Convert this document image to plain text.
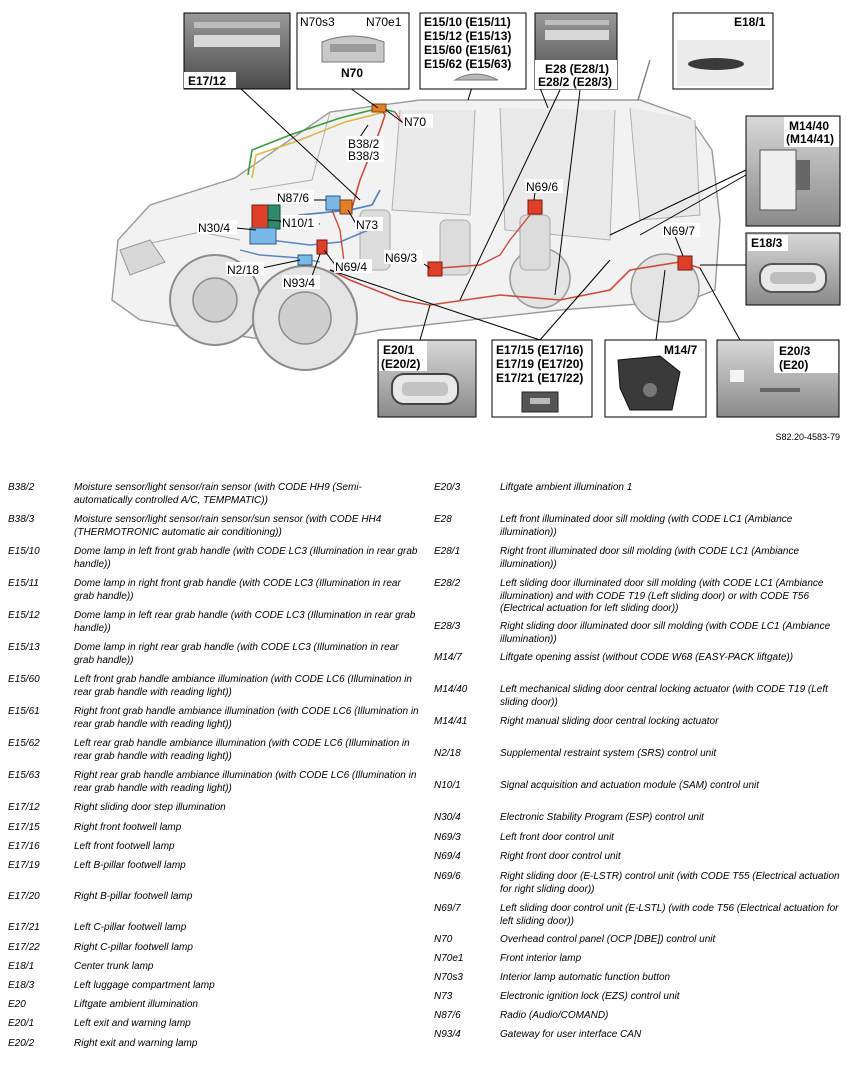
E17/12
N70s3	N70e1
N70
E15/10 (E15/11)
E15/12 (E15/13)
E15/60 (E15/61)
E15/62 (E15/63)	E28 (E28/1)
E28/2 (E28/3)
E18/1
M14/40
(M14/41)
E18/3
E20/3
(E20)
M14/7
E17/15 (E17/16)
E17/19 (E17/20)
E17/21 (E17/22)
E20/1
(E20/2)
N70
B38/2
B38/3
N87/6
N10/1	N73
N30/4
N2/18
N93/4
N69/4
N69/3
N69/6
N69/7
S82.20-4583-79
B38/2	Moisture sensor/light sensor/rain sensor (with CODE HH9 (Semi-automatically controlled A/C, TEMPMATIC))
B38/3	Moisture sensor/light sensor/rain sensor/sun sensor (with CODE HH4 (THERMOTRONIC automatic air conditioning))
E15/10	Dome lamp in left front grab handle (with CODE LC3 (Illumination in rear grab handle))
E15/11	Dome lamp in right front grab handle (with CODE LC3 (Illumination in rear grab handle))
E15/12	Dome lamp in left rear grab handle (with CODE LC3 (Illumination in rear grab handle))
E15/13	Dome lamp in right rear grab handle (with CODE LC3 (Illumination in rear grab handle))
E15/60	Left front grab handle ambiance illumination (with CODE LC6 (Illumination in rear grab handle with reading light))
E15/61	Right front grab handle ambiance illumination (with CODE LC6 (Illumination in rear grab handle with reading light))
E15/62	Left rear grab handle ambiance illumination (with CODE LC6 (Illumination in rear grab handle with reading light))
E15/63	Right rear grab handle ambiance illumination (with CODE LC6 (Illumination in rear grab handle with reading light))
E17/12	Right sliding door step illumination
E17/15	Right front footwell lamp
E17/16	Left front footwell lamp
E17/19	Left B-pillar footwell lamp
E17/20	Right B-pillar footwell lamp
E17/21	Left C-pillar footwell lamp
E17/22	Right C-pillar footwell lamp
E18/1	Center trunk lamp
E18/3	Left luggage compartment lamp
E20	Liftgate ambient illumination
E20/1	Left exit and warning lamp
E20/2	Right exit and warning lamp
E20/3	Liftgate ambient illumination 1
E28	Left front illuminated door sill molding (with CODE LC1 (Ambiance illumination))
E28/1	Right front illuminated door sill molding (with CODE LC1 (Ambiance illumination))
E28/2	Left sliding door illuminated door sill molding (with CODE LC1 (Ambiance illumination) and with CODE T19 (Left sliding door) or with CODE T56 (Electrical actuation for left sliding door))
E28/3	Right sliding door illuminated door sill molding (with CODE LC1 (Ambiance illumination))
M14/7	Liftgate opening assist (without CODE W68 (EASY-PACK liftgate))
M14/40	Left mechanical sliding door central locking actuator (with CODE T19 (Left sliding door))
M14/41	Right manual sliding door central locking actuator
N2/18	Supplemental restraint system (SRS) control unit
N10/1	Signal acquisition and actuation module (SAM) control unit
N30/4	Electronic Stability Program (ESP) control unit
N69/3	Left front door control unit
N69/4	Right front door control unit
N69/6	Right sliding door (E-LSTR) control unit (with CODE T55 (Electrical actuation for right sliding door))
N69/7	Left sliding door control unit (E-LSTL) (with code T56 (Electrical actuation for left sliding door))
N70	Overhead control panel (OCP [DBE]) control unit
N70e1	Front interior lamp
N70s3	Interior lamp automatic function button
N73	Electronic ignition lock (EZS) control unit
N87/6	Radio (Audio/COMAND)
N93/4	Gateway for user interface CAN
